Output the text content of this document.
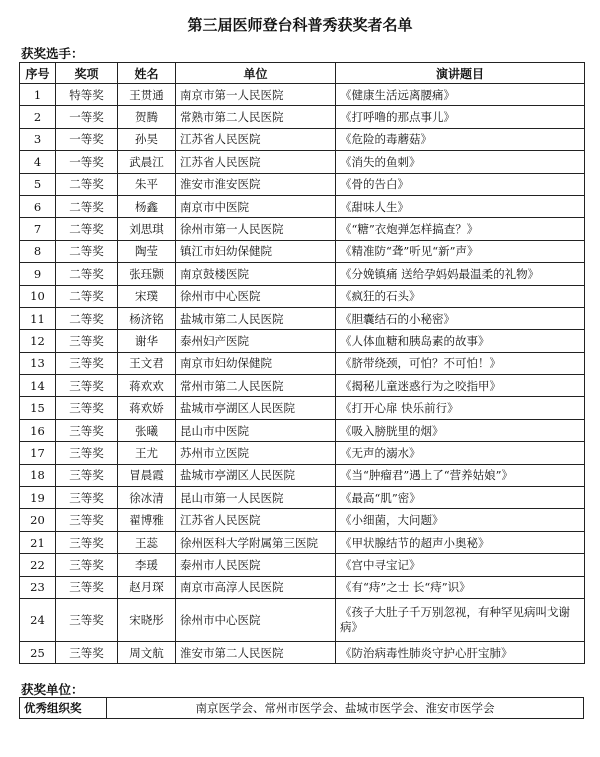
第三届医师登台科普秀获奖者名单
获奖选手：
序号	奖项	姓名	单位	演讲题目
1	特等奖	王贯通	南京市第一人民医院	《健康生活远离腰痛》
2	一等奖	贺腾	常熟市第二人民医院	《打呼噜的那点事儿》
3	一等奖	孙昊	江苏省人民医院	《危险的毒蘑菇》
4	一等奖	武晨江	江苏省人民医院	《消失的鱼刺》
5	二等奖	朱平	淮安市淮安医院	《骨的告白》
6	二等奖	杨鑫	南京市中医院	《甜味人生》
7	二等奖	刘思琪	徐州市第一人民医院	《“糖”衣炮弹怎样搞查？》
8	二等奖	陶莹	镇江市妇幼保健院	《精准防“聋”听见“新”声》
9	二等奖	张珏颢	南京鼓楼医院	《分娩镇痛 送给孕妈妈最温柔的礼物》
10	二等奖	宋璞	徐州市中心医院	《疯狂的石头》
11	二等奖	杨济铭	盐城市第二人民医院	《胆囊结石的小秘密》
12	三等奖	谢华	泰州妇产医院	《人体血糖和胰岛素的故事》
13	三等奖	王文君	南京市妇幼保健院	《脐带绕颈，可怕？不可怕！》
14	三等奖	蒋欢欢	常州市第二人民医院	《揭秘儿童迷惑行为之咬指甲》
15	三等奖	蒋欢娇	盐城市亭湖区人民医院	《打开心扉 快乐前行》
16	三等奖	张曦	昆山市中医院	《吸入膀胱里的烟》
17	三等奖	王尤	苏州市立医院	《无声的溺水》
18	三等奖	冒晨霞	盐城市亭湖区人民医院	《当“肿瘤君”遇上了“营养姑娘”》
19	三等奖	徐冰清	昆山市第一人民医院	《最高“肌”密》
20	三等奖	翟博雅	江苏省人民医院	《小细菌，大问题》
21	三等奖	王蕊	徐州医科大学附属第三医院	《甲状腺结节的超声小奥秘》
22	三等奖	李瑗	泰州市人民医院	《宫中寻宝记》
23	三等奖	赵月琛	南京市高淳人民医院	《有“痔”之士 长“痔”识》
24	三等奖	宋晓彤	徐州市中心医院	《孩子大肚子千万别忽视，有种罕见病叫戈谢病》
25	三等奖	周文航	淮安市第二人民医院	《防治病毒性肺炎守护心肝宝肺》
获奖单位：
优秀组织奖	南京医学会、常州市医学会、盐城市医学会、淮安市医学会
